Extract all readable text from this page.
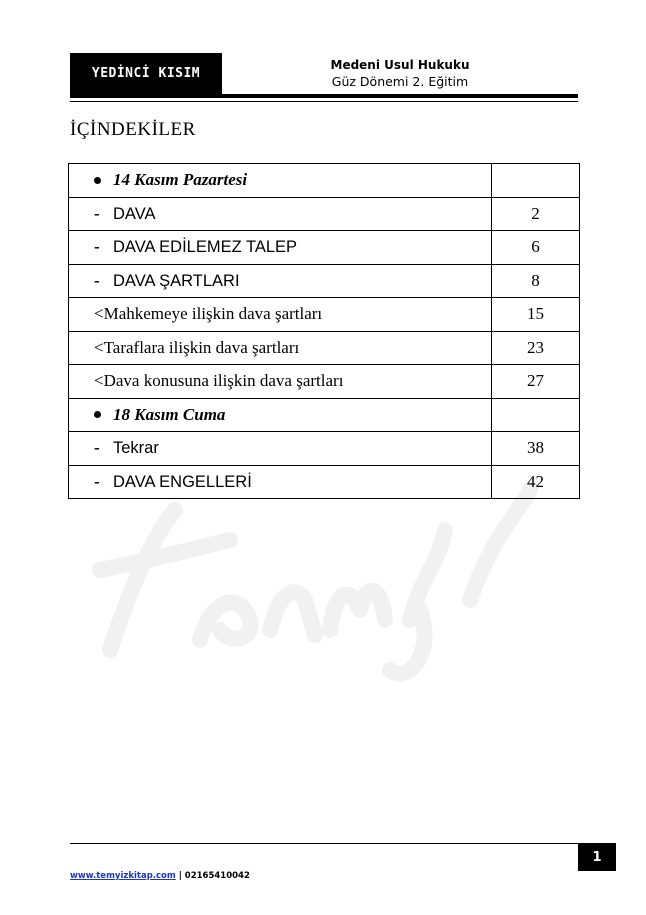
YEDİNCİ KISIM
Medeni Usul Hukuku
Güz Dönemi 2. Eğitim
İÇİNDEKİLER
14 Kasım Pazartesi	
- DAVA	2
- DAVA EDİLEMEZ TALEP	6
- DAVA ŞARTLARI	8
<Mahkemeye ilişkin dava şartları	15
<Taraflara ilişkin dava şartları	23
<Dava konusuna ilişkin dava şartları	27
18 Kasım Cuma	
- Tekrar	38
- DAVA ENGELLERİ	42
1
www.temyizkitap.com | 02165410042
